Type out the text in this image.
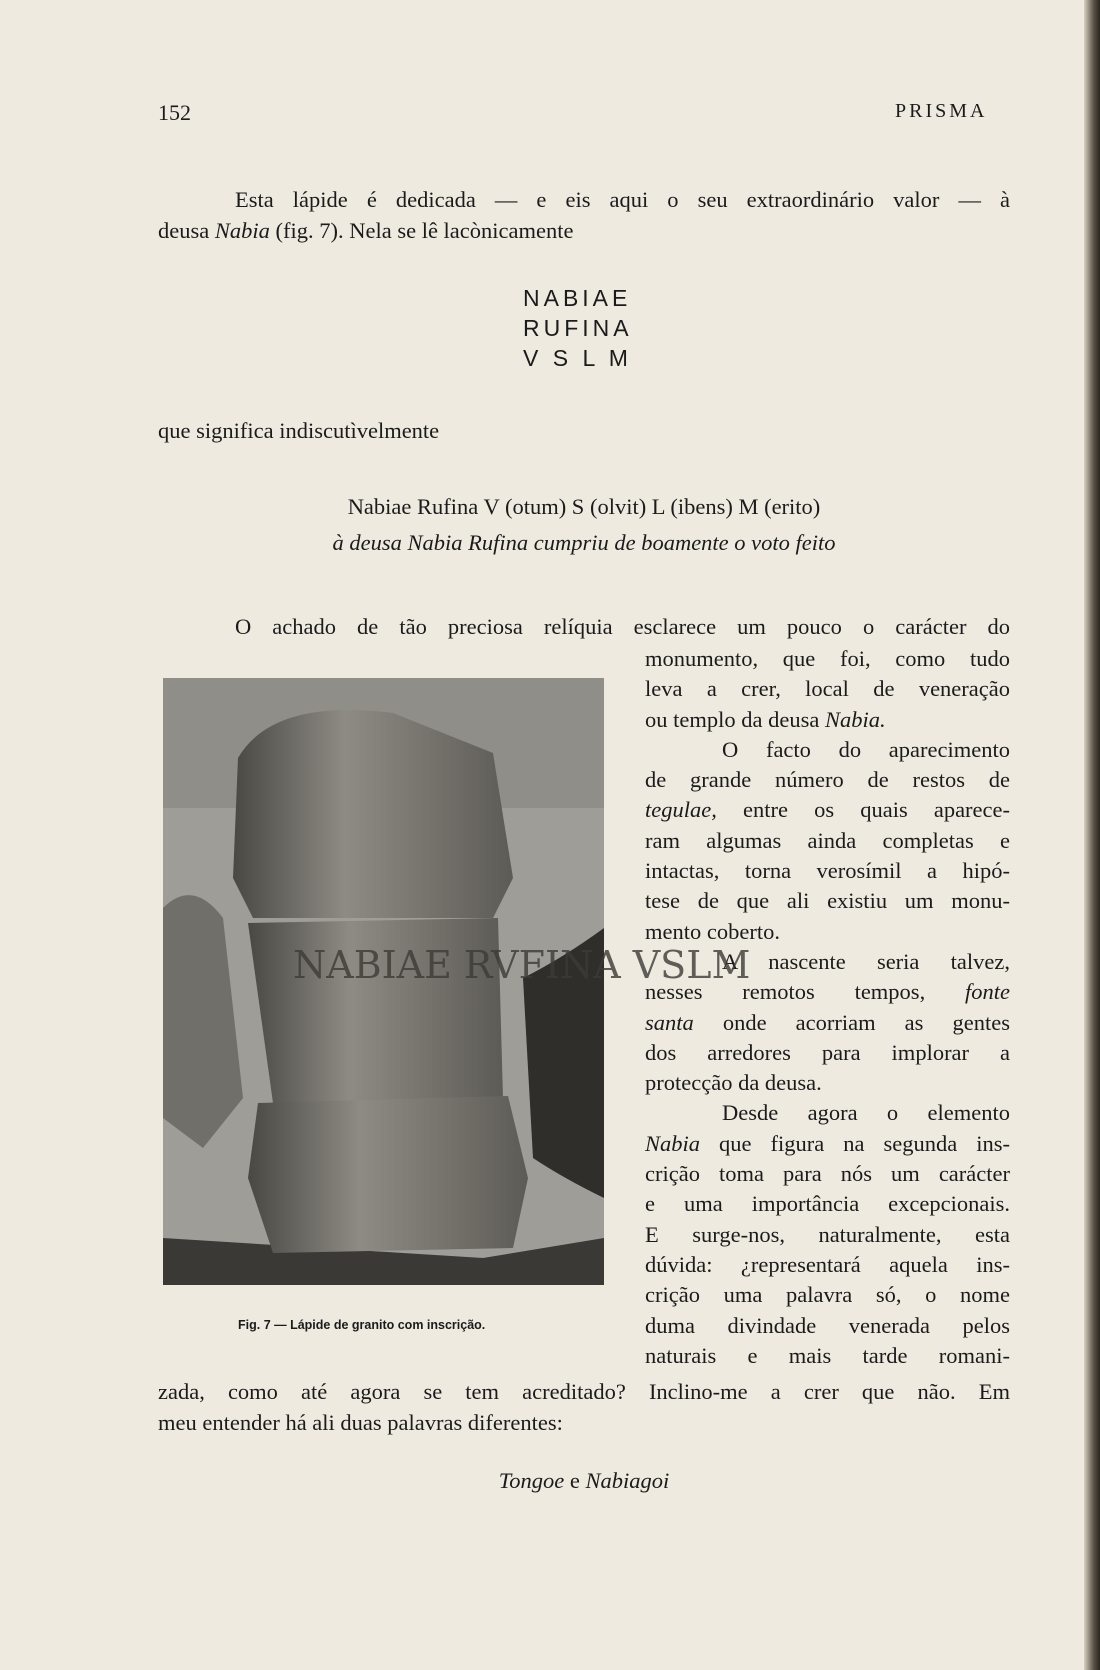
152	PRISMA
Esta lápide é dedicada — e eis aqui o seu extraordinário valor — à
deusa Nabia (fig. 7). Nela se lê lacònicamente
NABIAE
RUFINA
V S L M
que significa indiscutìvelmente
Nabiae Rufina V (otum) S (olvit) L (ibens) M (erito)
à deusa Nabia Rufina cumpriu de boamente o voto feito
O achado de tão preciosa relíquia esclarece um pouco o carácter do

monumento, que foi, como tudo

leva a crer, local de veneração

ou templo da deusa Nabia.

O facto do aparecimento

de grande número de restos de

tegulae, entre os quais aparece-

ram algumas ainda completas e

intactas, torna verosímil a hipó-

tese de que ali existiu um monu-

mento coberto.

A nascente seria talvez,

nesses remotos tempos, fonte

santa onde acorriam as gentes

dos arredores para implorar a

protecção da deusa.

Desde agora o elemento

Nabia que figura na segunda ins-

crição toma para nós um carácter

e uma importância excepcionais.

E surge-nos, naturalmente, esta

dúvida: ¿representará aquela ins-

crição uma palavra só, o nome

duma divindade venerada pelos

naturais e mais tarde romani-

NABIAE RVFINA VSLM
Fig. 7 — Lápide de granito com inscrição.
zada, como até agora se tem acreditado? Inclino-me a crer que não. Em
meu entender há ali duas palavras diferentes:
Tongoe e Nabiagoi
